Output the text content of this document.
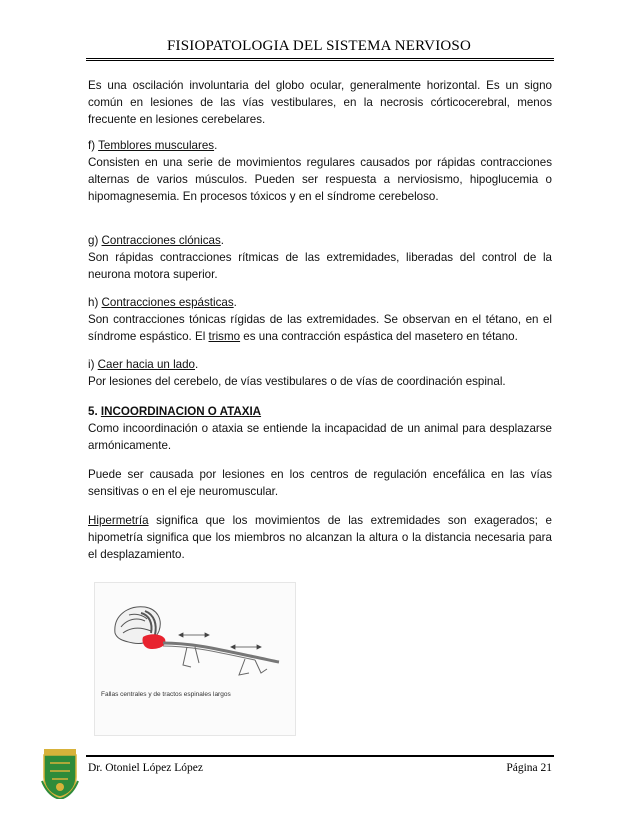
FISIOPATOLOGIA DEL SISTEMA NERVIOSO

Es una oscilación involuntaria del globo ocular, generalmente horizontal. Es un signo común en lesiones de las vías vestibulares, en la necrosis córticocerebral, menos frecuente en lesiones cerebelares.

f) Temblores musculares.

Consisten en una serie de movimientos regulares causados por rápidas contracciones alternas de varios músculos. Pueden ser respuesta a nerviosismo, hipoglucemia o hipomagnesemia. En procesos tóxicos y en el síndrome cerebeloso.

g) Contracciones clónicas.

Son rápidas contracciones rítmicas de las extremidades, liberadas del control de la neurona motora superior.

h) Contracciones espásticas.

Son contracciones tónicas rígidas de las extremidades. Se observan en el tétano, en el síndrome espástico. El trismo es una contracción espástica del masetero en tétano.

i) Caer hacia un lado.

Por lesiones del cerebelo, de vías vestibulares o de vías de coordinación espinal.

5. INCOORDINACION O ATAXIA

Como incoordinación o ataxia se entiende la incapacidad de un animal para desplazarse armónicamente.

Puede ser causada por lesiones en los centros de regulación encefálica en las vías sensitivas o en el eje neuromuscular.

Hipermetría significa que los movimientos de las extremidades son exagerados; e hipometría significa que los miembros no alcanzan la altura o la distancia necesaria para el desplazamiento.

Fallas centrales y de tractos espinales largos
Dr. Otoniel López López	Página 21
